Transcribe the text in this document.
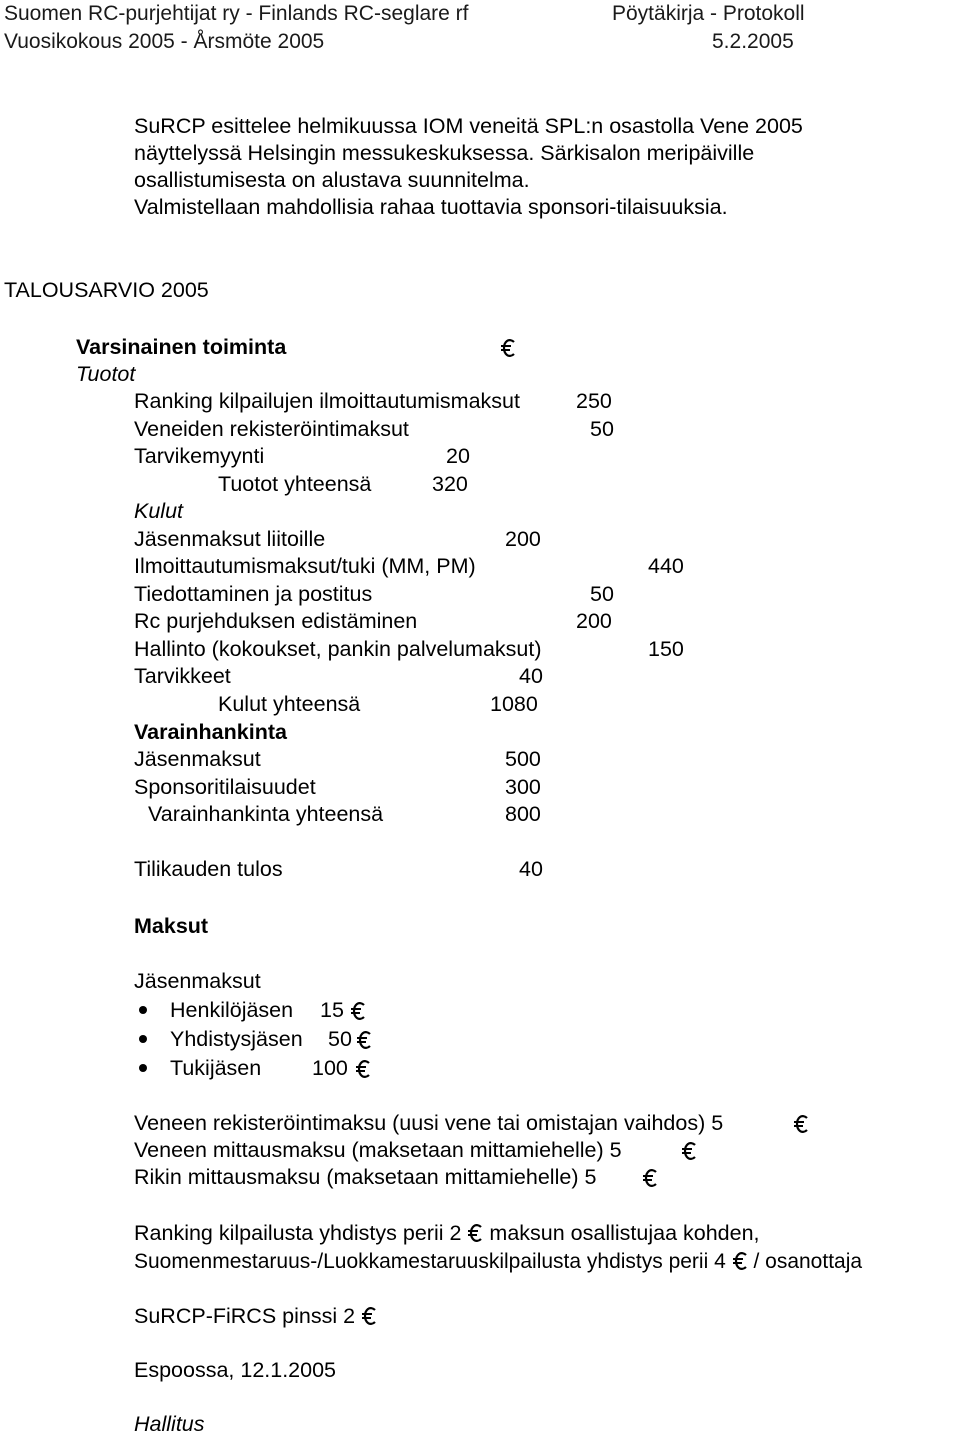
Suomen RC-purjehtijat ry - Finlands RC-seglare rf	Pöytäkirja - Protokoll
Vuosikokous 2005 - Årsmöte 2005	5.2.2005
SuRCP esittelee helmikuussa IOM veneitä SPL:n osastolla Vene 2005
näyttelyssä Helsingin messukeskuksessa. Särkisalon meripäiville
osallistumisesta on alustava suunnitelma.
Valmistellaan mahdollisia rahaa tuottavia sponsori-tilaisuuksia.
TALOUSARVIO 2005
Varsinainen toiminta
Tuotot
Ranking kilpailujen ilmoittautumismaksut	250
Veneiden rekisteröintimaksut	50
Tarvikemyynti	20
Tuotot yhteensä	320
Kulut
Jäsenmaksut liitoille	200
Ilmoittautumismaksut/tuki (MM, PM)	440
Tiedottaminen ja postitus	50
Rc purjehduksen edistäminen	200
Hallinto (kokoukset, pankin palvelumaksut)	150
Tarvikkeet	40
Kulut yhteensä	1080
Varainhankinta
Jäsenmaksut	500
Sponsoritilaisuudet	300
Varainhankinta yhteensä	800
Tilikauden tulos	40
Maksut
Jäsenmaksut
Henkilöjäsen 15
Yhdistysjäsen 50
Tukijäsen 100
Veneen rekisteröintimaksu (uusi vene tai omistajan vaihdos) 5
Veneen mittausmaksu (maksetaan mittamiehelle) 5
Rikin mittausmaksu (maksetaan mittamiehelle) 5
Ranking kilpailusta yhdistys perii 2 maksun osallistujaa kohden,
Suomenmestaruus-/Luokkamestaruuskilpailusta yhdistys perii 4 / osanottaja
SuRCP-FiRCS pinssi 2
Espoossa, 12.1.2005
Hallitus
